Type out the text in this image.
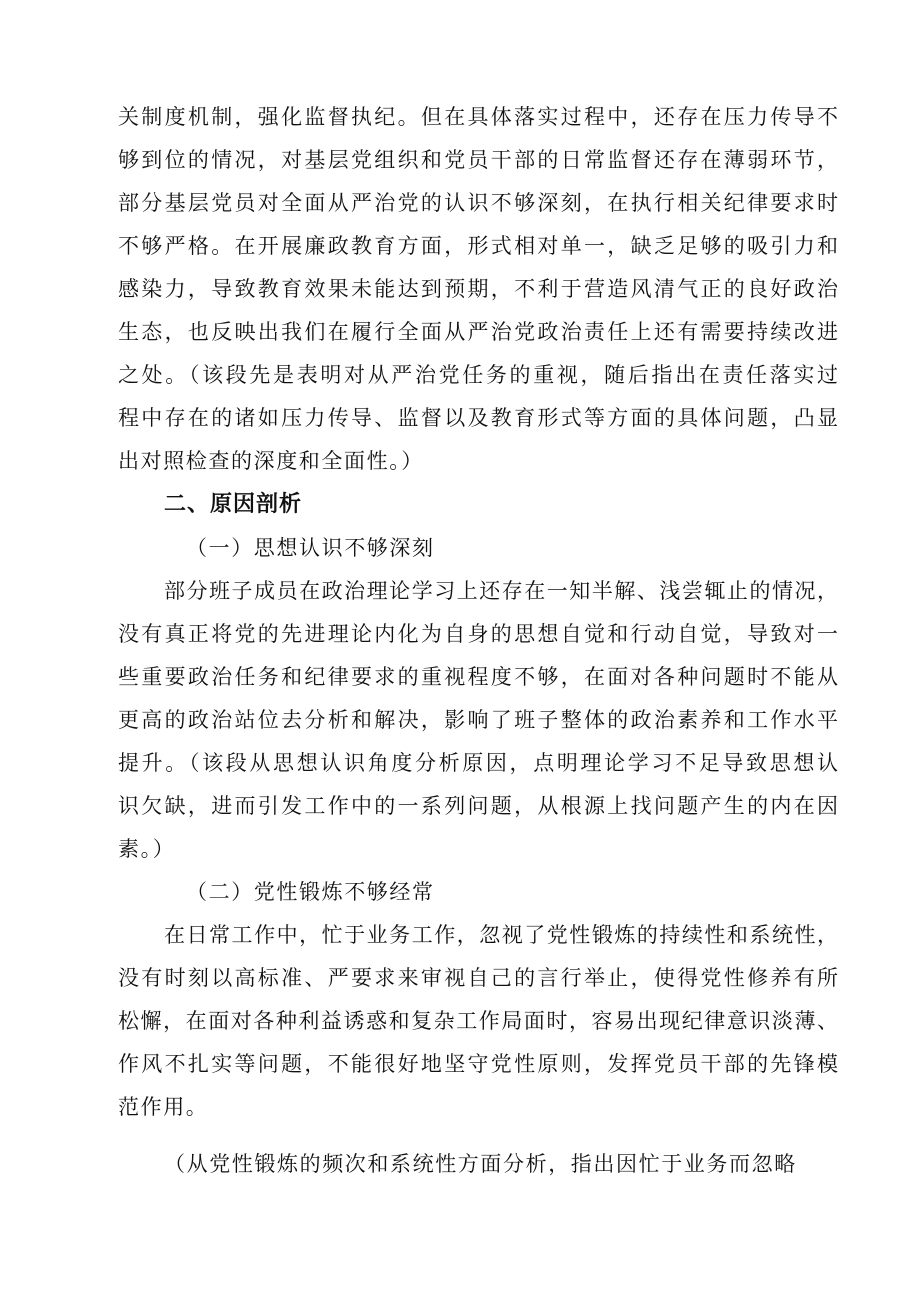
关制度机制，强化监督执纪。但在具体落实过程中，还存在压力传导不

够到位的情况，对基层党组织和党员干部的日常监督还存在薄弱环节，

部分基层党员对全面从严治党的认识不够深刻，在执行相关纪律要求时

不够严格。在开展廉政教育方面，形式相对单一，缺乏足够的吸引力和

感染力，导致教育效果未能达到预期，不利于营造风清气正的良好政治

生态，也反映出我们在履行全面从严治党政治责任上还有需要持续改进

之处。（该段先是表明对从严治党任务的重视，随后指出在责任落实过

程中存在的诸如压力传导、监督以及教育形式等方面的具体问题，凸显

出对照检查的深度和全面性。）

二、原因剖析

（一）思想认识不够深刻

部分班子成员在政治理论学习上还存在一知半解、浅尝辄止的情况，

没有真正将党的先进理论内化为自身的思想自觉和行动自觉，导致对一

些重要政治任务和纪律要求的重视程度不够，在面对各种问题时不能从

更高的政治站位去分析和解决，影响了班子整体的政治素养和工作水平

提升。（该段从思想认识角度分析原因，点明理论学习不足导致思想认

识欠缺，进而引发工作中的一系列问题，从根源上找问题产生的内在因

素。）

（二）党性锻炼不够经常

在日常工作中，忙于业务工作，忽视了党性锻炼的持续性和系统性，

没有时刻以高标准、严要求来审视自己的言行举止，使得党性修养有所

松懈，在面对各种利益诱惑和复杂工作局面时，容易出现纪律意识淡薄、

作风不扎实等问题，不能很好地坚守党性原则，发挥党员干部的先锋模

范作用。

（从党性锻炼的频次和系统性方面分析，指出因忙于业务而忽略
